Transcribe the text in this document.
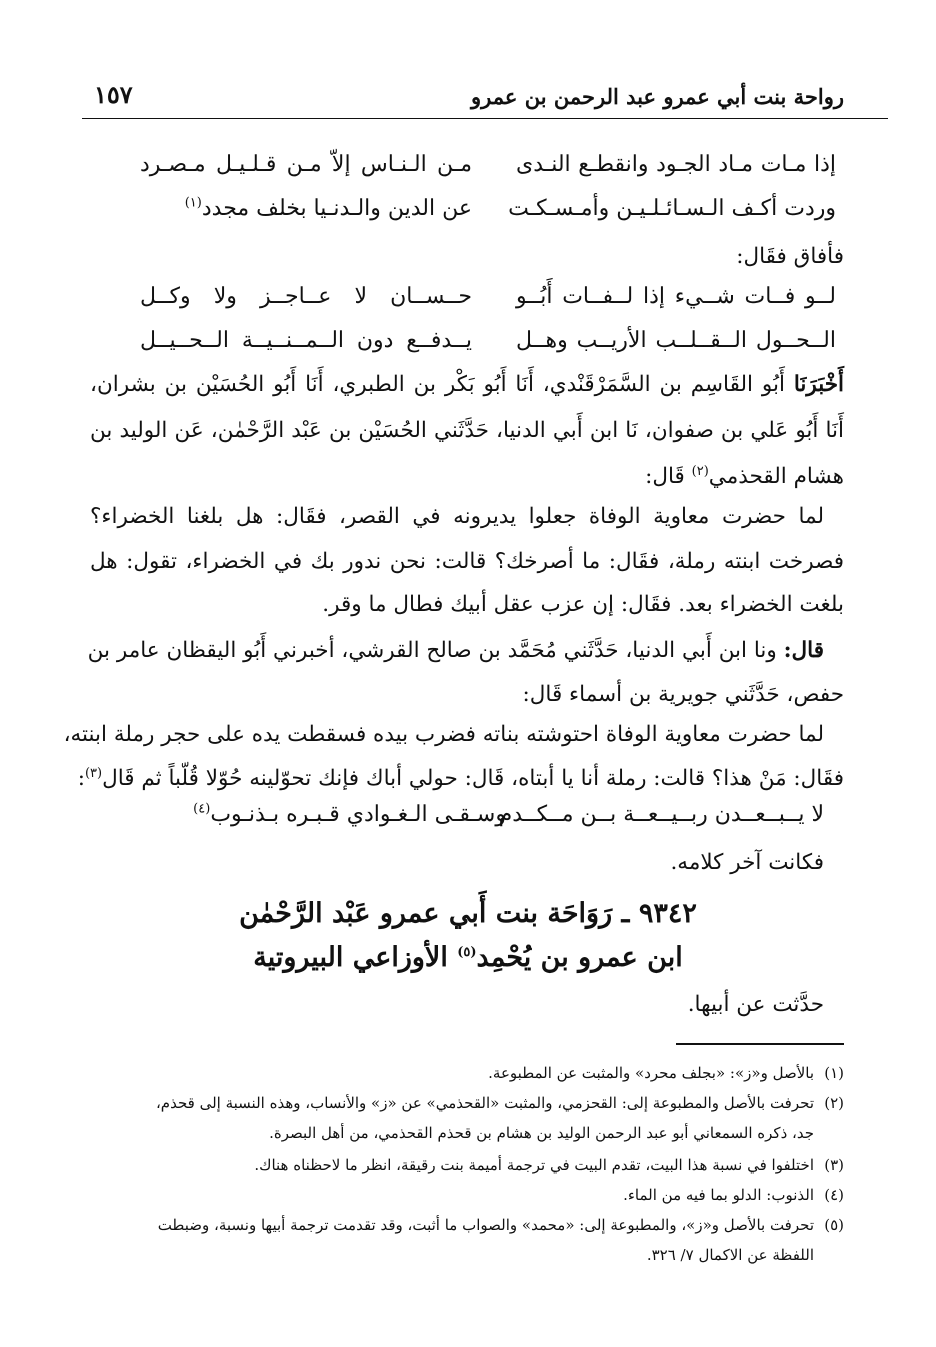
رواحة بنت أبي عمرو عبد الرحمن بن عمرو
١٥٧
إذا مـات مـاد الجـود وانقطـع النـدى
مـن الـنـاس إلاّ مـن قـلـيـل مـصـرد
وردت أكـف الـسـائـلـيـن وأمـسـكـت
عن الدين والـدنـيا بخلف مجدد$^{(١)}$
فأفاق فقَال:
لــو فــات شــيء إذا لــفــات أَبُــو
حــســان لا عــاجــز ولا وكــل
الــحــول الــقــلــب الأريــب وهــل
يــدفــع دون الــمــنــيــة الــحــيــل
أَخْبَرَنَا أَبُو القَاسِم بن السَّمَرْقَنْدي، أَنَا أَبُو بَكْر بن الطبري، أَنَا أَبُو الحُسَيْن بن بشران،
أَنَا أَبُو عَلي بن صفوان، نَا ابن أَبي الدنيا، حَدَّثَني الحُسَيْن بن عَبْد الرَّحْمٰن، عَن الوليد بن
هشام القحذمي$^{(٢)}$ قَال:
لما حضرت معاوية الوفاة جعلوا يديرونه في القصر، فقَال: هل بلغنا الخضراء؟
فصرخت ابنته رملة، فقَال: ما أصرخك؟ قالت: نحن ندور بك في الخضراء، تقول: هل
بلغت الخضراء بعد. فقَال: إن عزب عقل أبيك فطال ما وقر.
قال: ونا ابن أَبي الدنيا، حَدَّثَني مُحَمَّد بن صالح القرشي، أخبرني أَبُو اليقظان عامر بن
حفص، حَدَّثَني جويرية بن أسماء قَال:
لما حضرت معاوية الوفاة احتوشته بناته فضرب بيده فسقطت يده على حجر رملة ابنته،
فقَال: مَنْ هذا؟ قالت: رملة أنا يا أبتاه، قَال: حولي أباك فإنك تحوّلينه حُوّلا قُلّباً ثم قَال$^{(٣)}$:
لا يــبــعــدن ربــيــعــة بــن مــكــدم
وسـقـى الـغـوادي قـبـره بـذنـوب$^{(٤)}$
فكانت آخر كلامه.
٩٣٤٢ ـ رَوَاحَة بنت أَبي عمرو عَبْد الرَّحْمٰن
ابن عمرو بن يُحْمِد$^{(٥)}$ الأوزاعي البيروتية
حدَّثت عن أبيها.
(١)بالأصل و«ز»: «بجلف محرد» والمثبت عن المطبوعة.
(٢)تحرفت بالأصل والمطبوعة إلى: القحزمي، والمثبت «القحذمي» عن «ز» والأنساب، وهذه النسبة إلى قحذم،
جد، ذكره السمعاني أبو عبد الرحمن الوليد بن هشام بن قحذم القحذمي، من أهل البصرة.
(٣)اختلفوا في نسبة هذا البيت، تقدم البيت في ترجمة أميمة بنت رقيقة، انظر ما لاحظناه هناك.
(٤)الذنوب: الدلو بما فيه من الماء.
(٥)تحرفت بالأصل و«ز»، والمطبوعة إلى: «محمد» والصواب ما أثبت، وقد تقدمت ترجمة أبيها ونسبة، وضبطت
اللفظة عن الاكمال ٧/ ٣٢٦.
